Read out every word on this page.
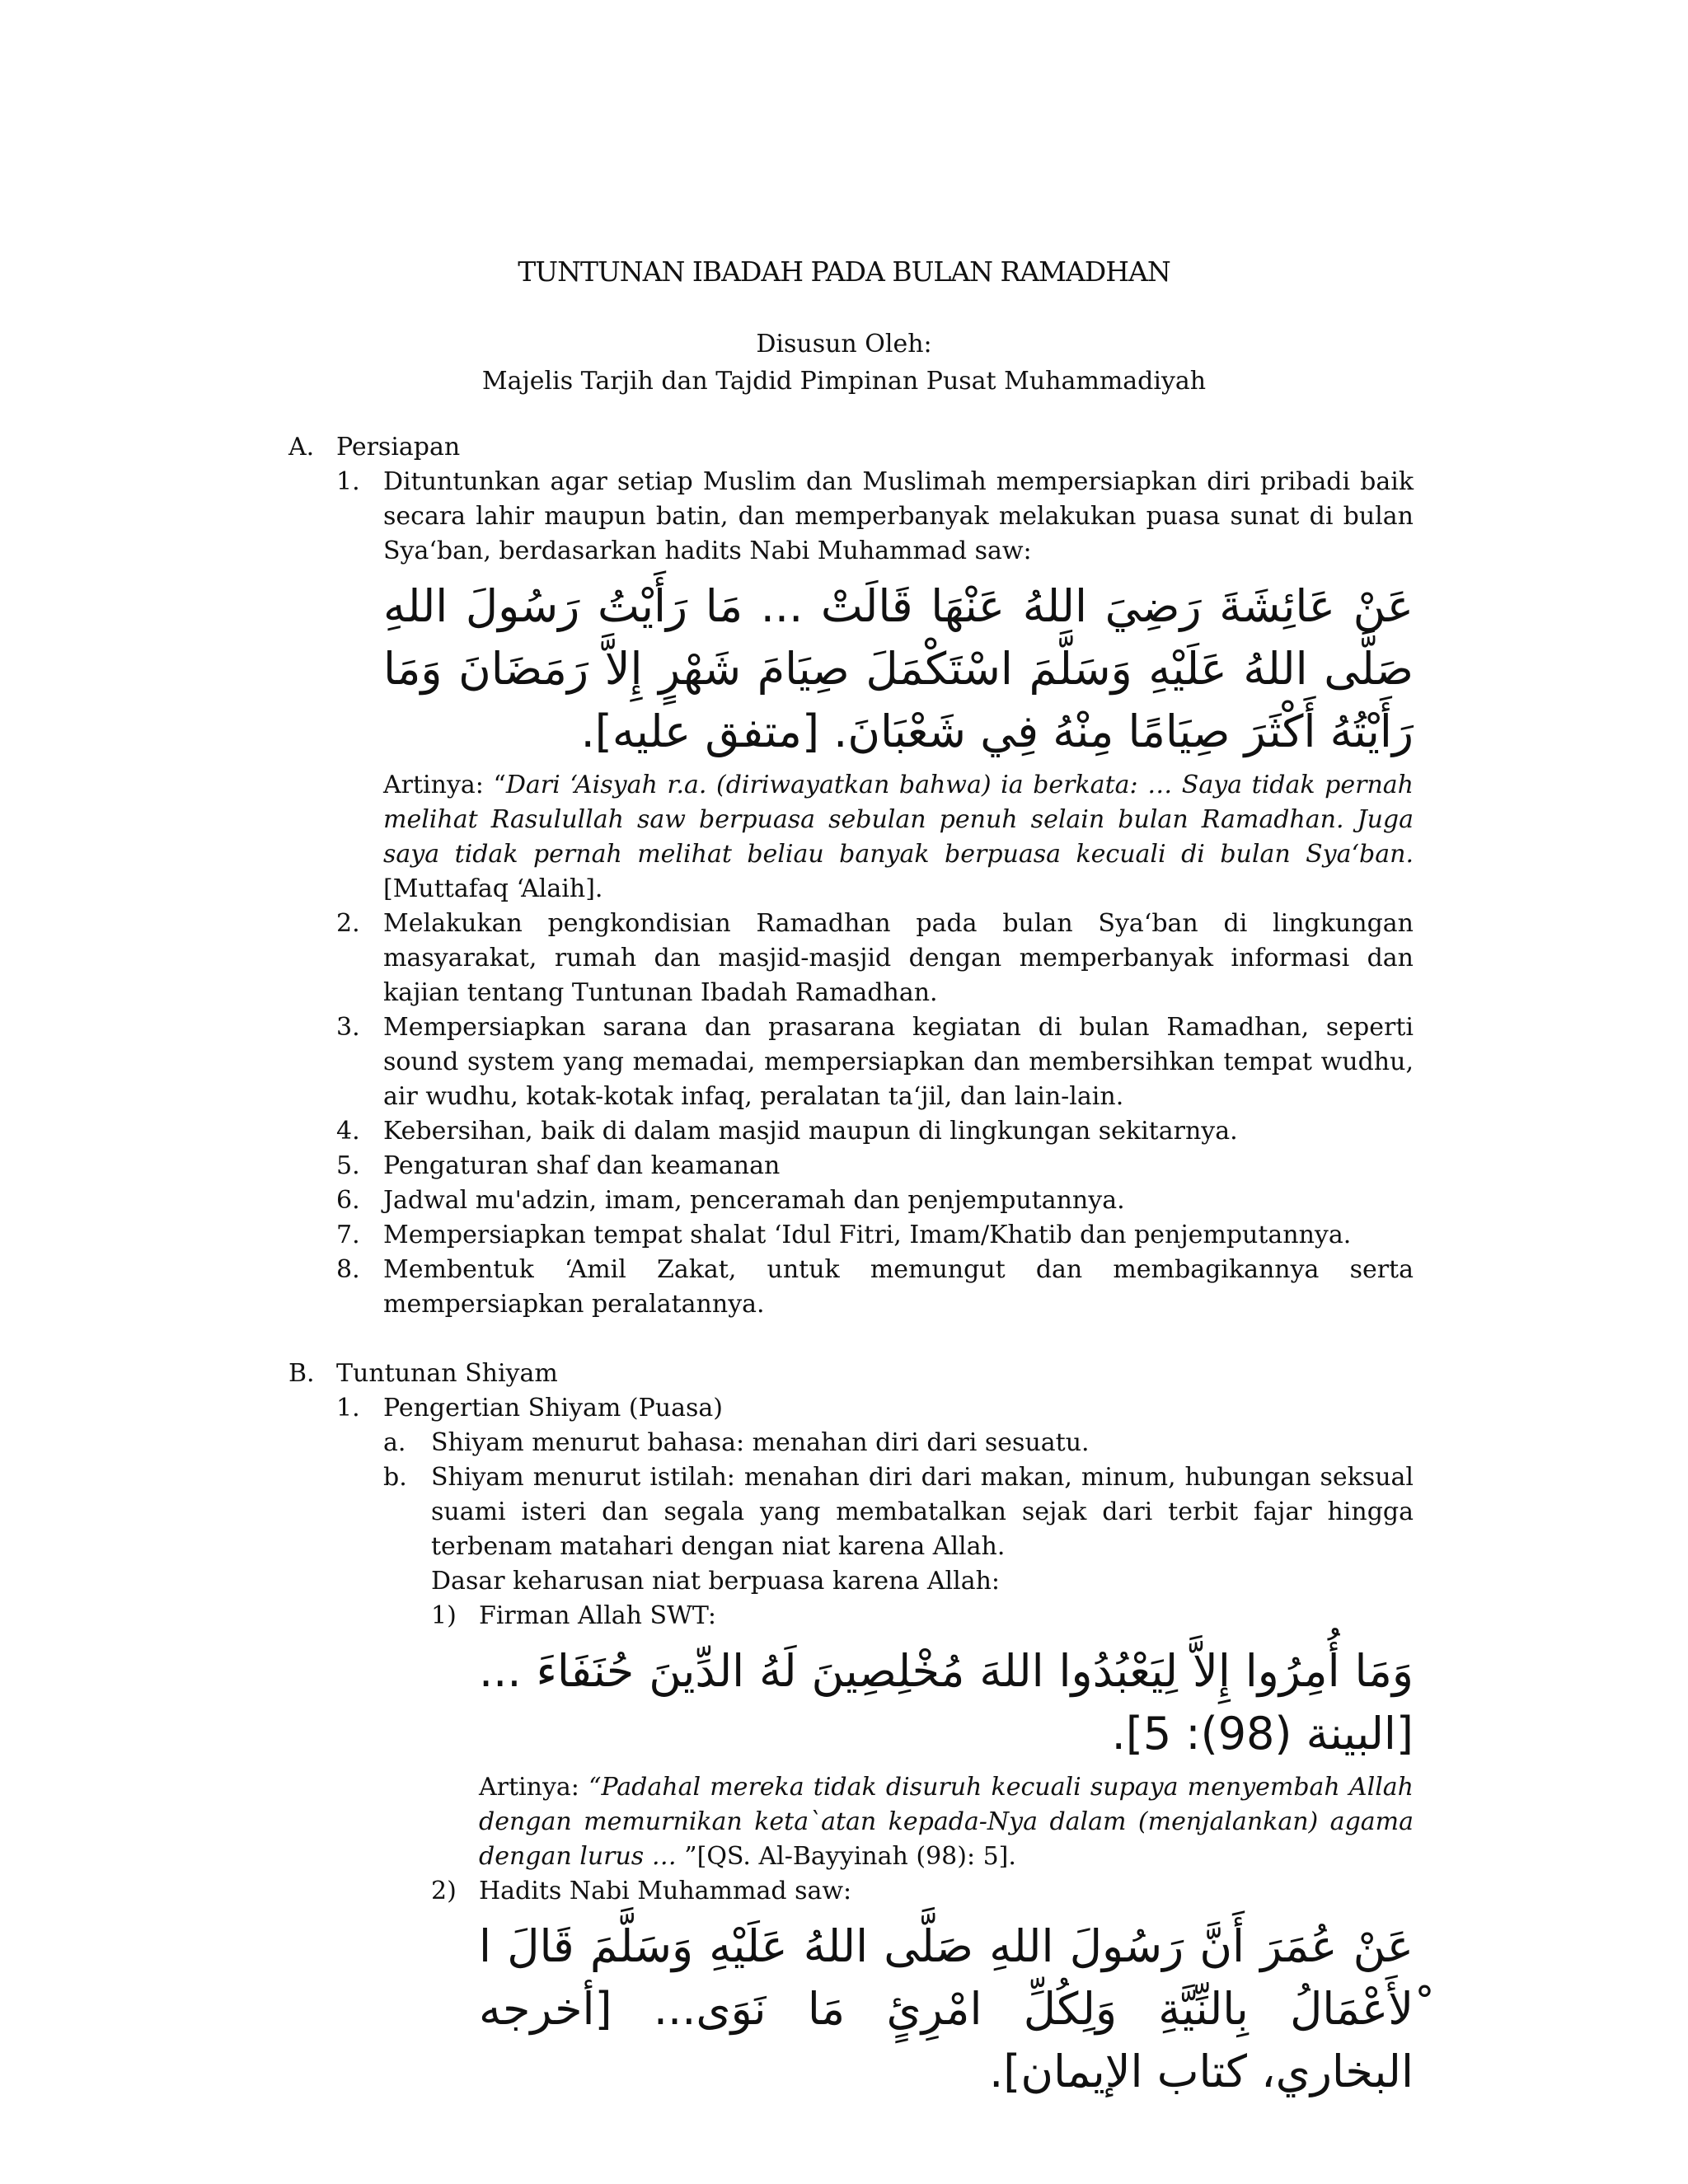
TUNTUNAN IBADAH PADA BULAN RAMADHAN
Disusun Oleh:
Majelis Tarjih dan Tajdid Pimpinan Pusat Muhammadiyah
A. Persiapan
1. Dituntunkan agar setiap Muslim dan Muslimah mempersiapkan diri pribadi baik secara lahir maupun batin, dan memperbanyak melakukan puasa sunat di bulan Sya‘ban, berdasarkan hadits Nabi Muhammad saw:
عَنْ عَائِشَةَ رَضِيَ اللهُ عَنْهَا قَالَتْ ... مَا رَأَيْتُ رَسُولَ اللهِ صَلَّى اللهُ عَلَيْهِ وَسَلَّمَ اسْتَكْمَلَ صِيَامَ شَهْرٍ إِلاَّ رَمَضَانَ وَمَا رَأَيْتُهُ أَكْثَرَ صِيَامًا مِنْهُ فِي شَعْبَانَ. [متفق عليه].
Artinya: “Dari ‘Aisyah r.a. (diriwayatkan bahwa) ia berkata: … Saya tidak pernah melihat Rasulullah saw berpuasa sebulan penuh selain bulan Ramadhan. Juga saya tidak pernah melihat beliau banyak berpuasa kecuali di bulan Sya‘ban. [Muttafaq ‘Alaih].
2. Melakukan pengkondisian Ramadhan pada bulan Sya‘ban di lingkungan masyarakat, rumah dan masjid-masjid dengan memperbanyak informasi dan kajian tentang Tuntunan Ibadah Ramadhan.
3. Mempersiapkan sarana dan prasarana kegiatan di bulan Ramadhan, seperti sound system yang memadai, mempersiapkan dan membersihkan tempat wudhu, air wudhu, kotak-kotak infaq, peralatan ta‘jil, dan lain-lain.
4. Kebersihan, baik di dalam masjid maupun di lingkungan sekitarnya.
5. Pengaturan shaf dan keamanan
6. Jadwal mu'adzin, imam, penceramah dan penjemputannya.
7. Mempersiapkan tempat shalat ‘Idul Fitri, Imam/Khatib dan penjemputannya.
8. Membentuk ‘Amil Zakat, untuk memungut dan membagikannya serta mempersiapkan peralatannya.
B. Tuntunan Shiyam
1. Pengertian Shiyam (Puasa)
a.	Shiyam menurut bahasa: menahan diri dari sesuatu.
b. Shiyam menurut istilah: menahan diri dari makan, minum, hubungan seksual suami isteri dan segala yang membatalkan sejak dari terbit fajar hingga terbenam matahari dengan niat karena Allah.
Dasar keharusan niat berpuasa karena Allah:
1) Firman Allah SWT:
وَمَا أُمِرُوا إِلاَّ لِيَعْبُدُوا اللهَ مُخْلِصِينَ لَهُ الدِّينَ حُنَفَاءَ ... [البينة (98): 5].
Artinya: “Padahal mereka tidak disuruh kecuali supaya menyembah Allah dengan memurnikan keta`atan kepada-Nya dalam (menjalankan) agama dengan lurus … ”[QS. Al-Bayyinah (98): 5].
2) Hadits Nabi Muhammad saw:
عَنْ عُمَرَ أَنَّ رَسُولَ اللهِ صَلَّى اللهُ عَلَيْهِ وَسَلَّمَ قَالَ ا ْلأَعْمَالُ بِالنِّيَّةِ وَلِكُلِّ امْرِئٍ مَا نَوَى... [أخرجه البخاري، كتاب الإيمان].
